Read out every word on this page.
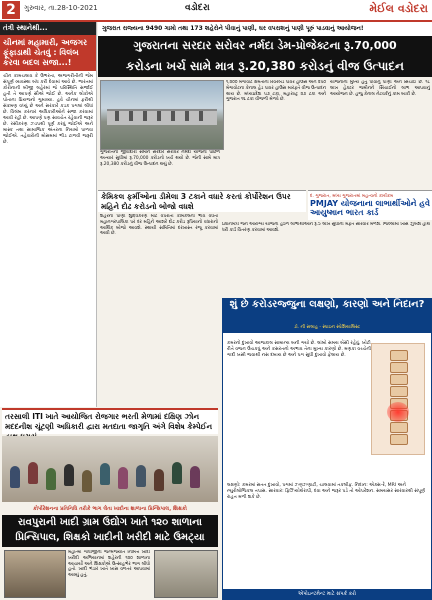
2	ગુરુવાર, તા.28-10-2021	વડોદરા	મેઈલ વડોદરા
તંત્રી સ્થાનેથી...
ચીનમાં મહામારી, અજગર ફૂંફાડાથી ચેતવું : વિલંબ કરવા બદલ સજા...!
ચીન કામચલાવ કે ઉભરતા, અજગરીતીની જેમ સંપૂર્ણ વ્યવસ્થા બંધ કરી દેવામાં આવે છે. ભારતમાં કોરોનાની બીજી લહેરમાં જે પરિસ્થિતિ સર્જાઈ હતી તે આપણે સૌએ જોઈ છે. અનેક લોકોએ પોતાના પ્રિયજનો ગુમાવ્યા. હવે ચીનમાં ફરીથી સંક્રમણ વધ્યું છે અને સરકારે કડક પગલાં લીધાં છે. વિલંબ કરનાર અધિકારીઓને સજા કરવામાં આવી રહી છે. આપણે પણ સાવચેત રહેવાની જરૂર છે. રસીકરણ ઝડપથી પૂર્ણ કરવું જોઈએ અને માસ્ક તથા સામાજિક અંતરના નિયમો પાળવા જોઈએ. તહેવારોની મોસમમાં ભીડ ટાળવી જરૂરી છે.
ગુજરાત રાજ્યના 9490 ગામો તથા 173 શહેરોને પીવાનું પાણી, ઘર વપરાશનું પાણી પૂરું પાડવાનું આયોજન!
ગુજરાતના સરદાર સરોવર નર્મદા ડેમ-પ્રોજેક્ટના રૂ.70,000
કરોડના ખર્ચ સામે માત્ર રૂ.20,380 કરોડનું વીજ ઉત્પાદન
ગુજરાતની જીવાદોરી સમાન સરદાર સરોવર નર્મદા યોજના પાછળ અત્યાર સુધીમાં રૂ.70,000 કરોડનો ખર્ચ થયો છે. જેની સામે માત્ર રૂ.20,380 કરોડનું વીજ ઉત્પાદન થયું છે.
૧,૨૦૦ મેગાવોટ ક્ષમતાના રિવરબેડ પાવર હાઉસ અને ૨૫૦ મેગાવોટના કેનાલ હેડ પાવર હાઉસ મારફતે વીજ ઉત્પાદન થાય છે. મધ્યપ્રદેશ ૫૭ ટકા, મહારાષ્ટ્ર ૨૭ ટકા અને ગુજરાત ૧૬ ટકા વીજળી મેળવે છે.
યોજનાનો મુખ્ય હેતુ પીવાનું પાણી અને સિંચાઈ છે. ૧૮ લાખ હેક્ટર જમીનને સિંચાઈનો લાભ આપવાનું આયોજન છે. હજુ કેનાલ નેટવર્કનું કામ બાકી છે.
કેમિકલ ફર્મીઓના ડીમેલા 3 ટકાને વધારે કરતાં કોર્પોરેશન ઉપર મહિને દોઢ કરોડનો બોજો વધશે
શહેરના પાણી શુદ્ધિકરણ માટે વપરાતા કેમિકલના ભાવ વધતાં મહાનગરપાલિકા પર દર મહિને આશરે દોઢ કરોડ રૂપિયાનો વધારાનો આર્થિક બોજો આવશે. સ્થાયી સમિતિમાં દરખાસ્ત રજૂ કરવામાં આવી છે.
દ. ગુજરાત, મધ્ય ગુજરાતમાં મહત્વનો કાર્યક્રમ
PMJAY યોજનાના લાભાર્થીઓને હવે આયુષ્માન ભારત કાર્ડ
પ્રધાનમંત્રી જન આરોગ્ય યોજના હેઠળ લાભાર્થીઓને રૂ.5 લાખ સુધીની મફત સારવાર મળશે. જિલ્લામાં ખાસ ઝુંબેશ હાથ ધરી કાર્ડ વિતરણ કરવામાં આવશે.
શું છે કરોડરજ્જુના લક્ષણો, કારણો અને નિદાન?
ડૉ. ની સલાહ - સ્પાઇન સ્પેશિયાલિસ્ટ
કમરનો દુખાવો આજકાલ સામાન્ય બની ગયો છે. લાંબો સમય બેસી રહેવું, ખોટી રીતે વજન ઉંચકવું અને કસરતનો અભાવ તેના મુખ્ય કારણો છે. મણકા વચ્ચેની ગાદી ખસી જવાથી નસ દબાય છે અને પગ સુધી દુખાવો ફેલાય છે.
લક્ષણો: કમરમાં સતત દુખાવો, પગમાં ઝણઝણાટી, ચાલવામાં તકલીફ. નિદાન: એક્સ-રે, MRI અને ન્યુરોલોજિકલ તપાસ. સારવાર: ફિઝિયોથેરાપી, દવા અને જરૂર પડે તો ઓપરેશન. સમયસર સારવારથી સંપૂર્ણ રાહત મળી શકે છે.
એપોઇન્ટમેન્ટ માટે સંપર્ક કરો
તરસાલી ITI ખાતે આયોજિત રોજગાર ભરતી મેળામાં દક્ષિણ ઝોન મદદનીશ ચૂંટણી અધિકારી દ્વારા મતદાતા જાગૃતિ અંગે વિશેષ કેમ્પેઈન
કોર્પોરેશનના પ્રતિનિધિ તરીકે ભાગ લેતા ખાદીના શાળાના પ્રિન્સિપાલ, શિક્ષકો
રાવપુરાની ખાદી ગ્રામ ઉદ્યોગ ખાતે ૧૨૦ શાળાના પ્રિન્સિપાલ, શિક્ષકો ખાદીની ખરીદી માટે ઉમટ્યા
મહાત્મા ગાંધીજીની જન્મજયંતિ નિમિત્તે ખાદી ખરીદી અભિયાનમાં શહેરની ૧૨૦ શાળાના આચાર્યો અને શિક્ષકોએ ઉત્સાહભેર ભાગ લીધો હતો. ખાદી ભંડાર ખાતે ખાસ વળતર આપવામાં આવ્યું હતું.
